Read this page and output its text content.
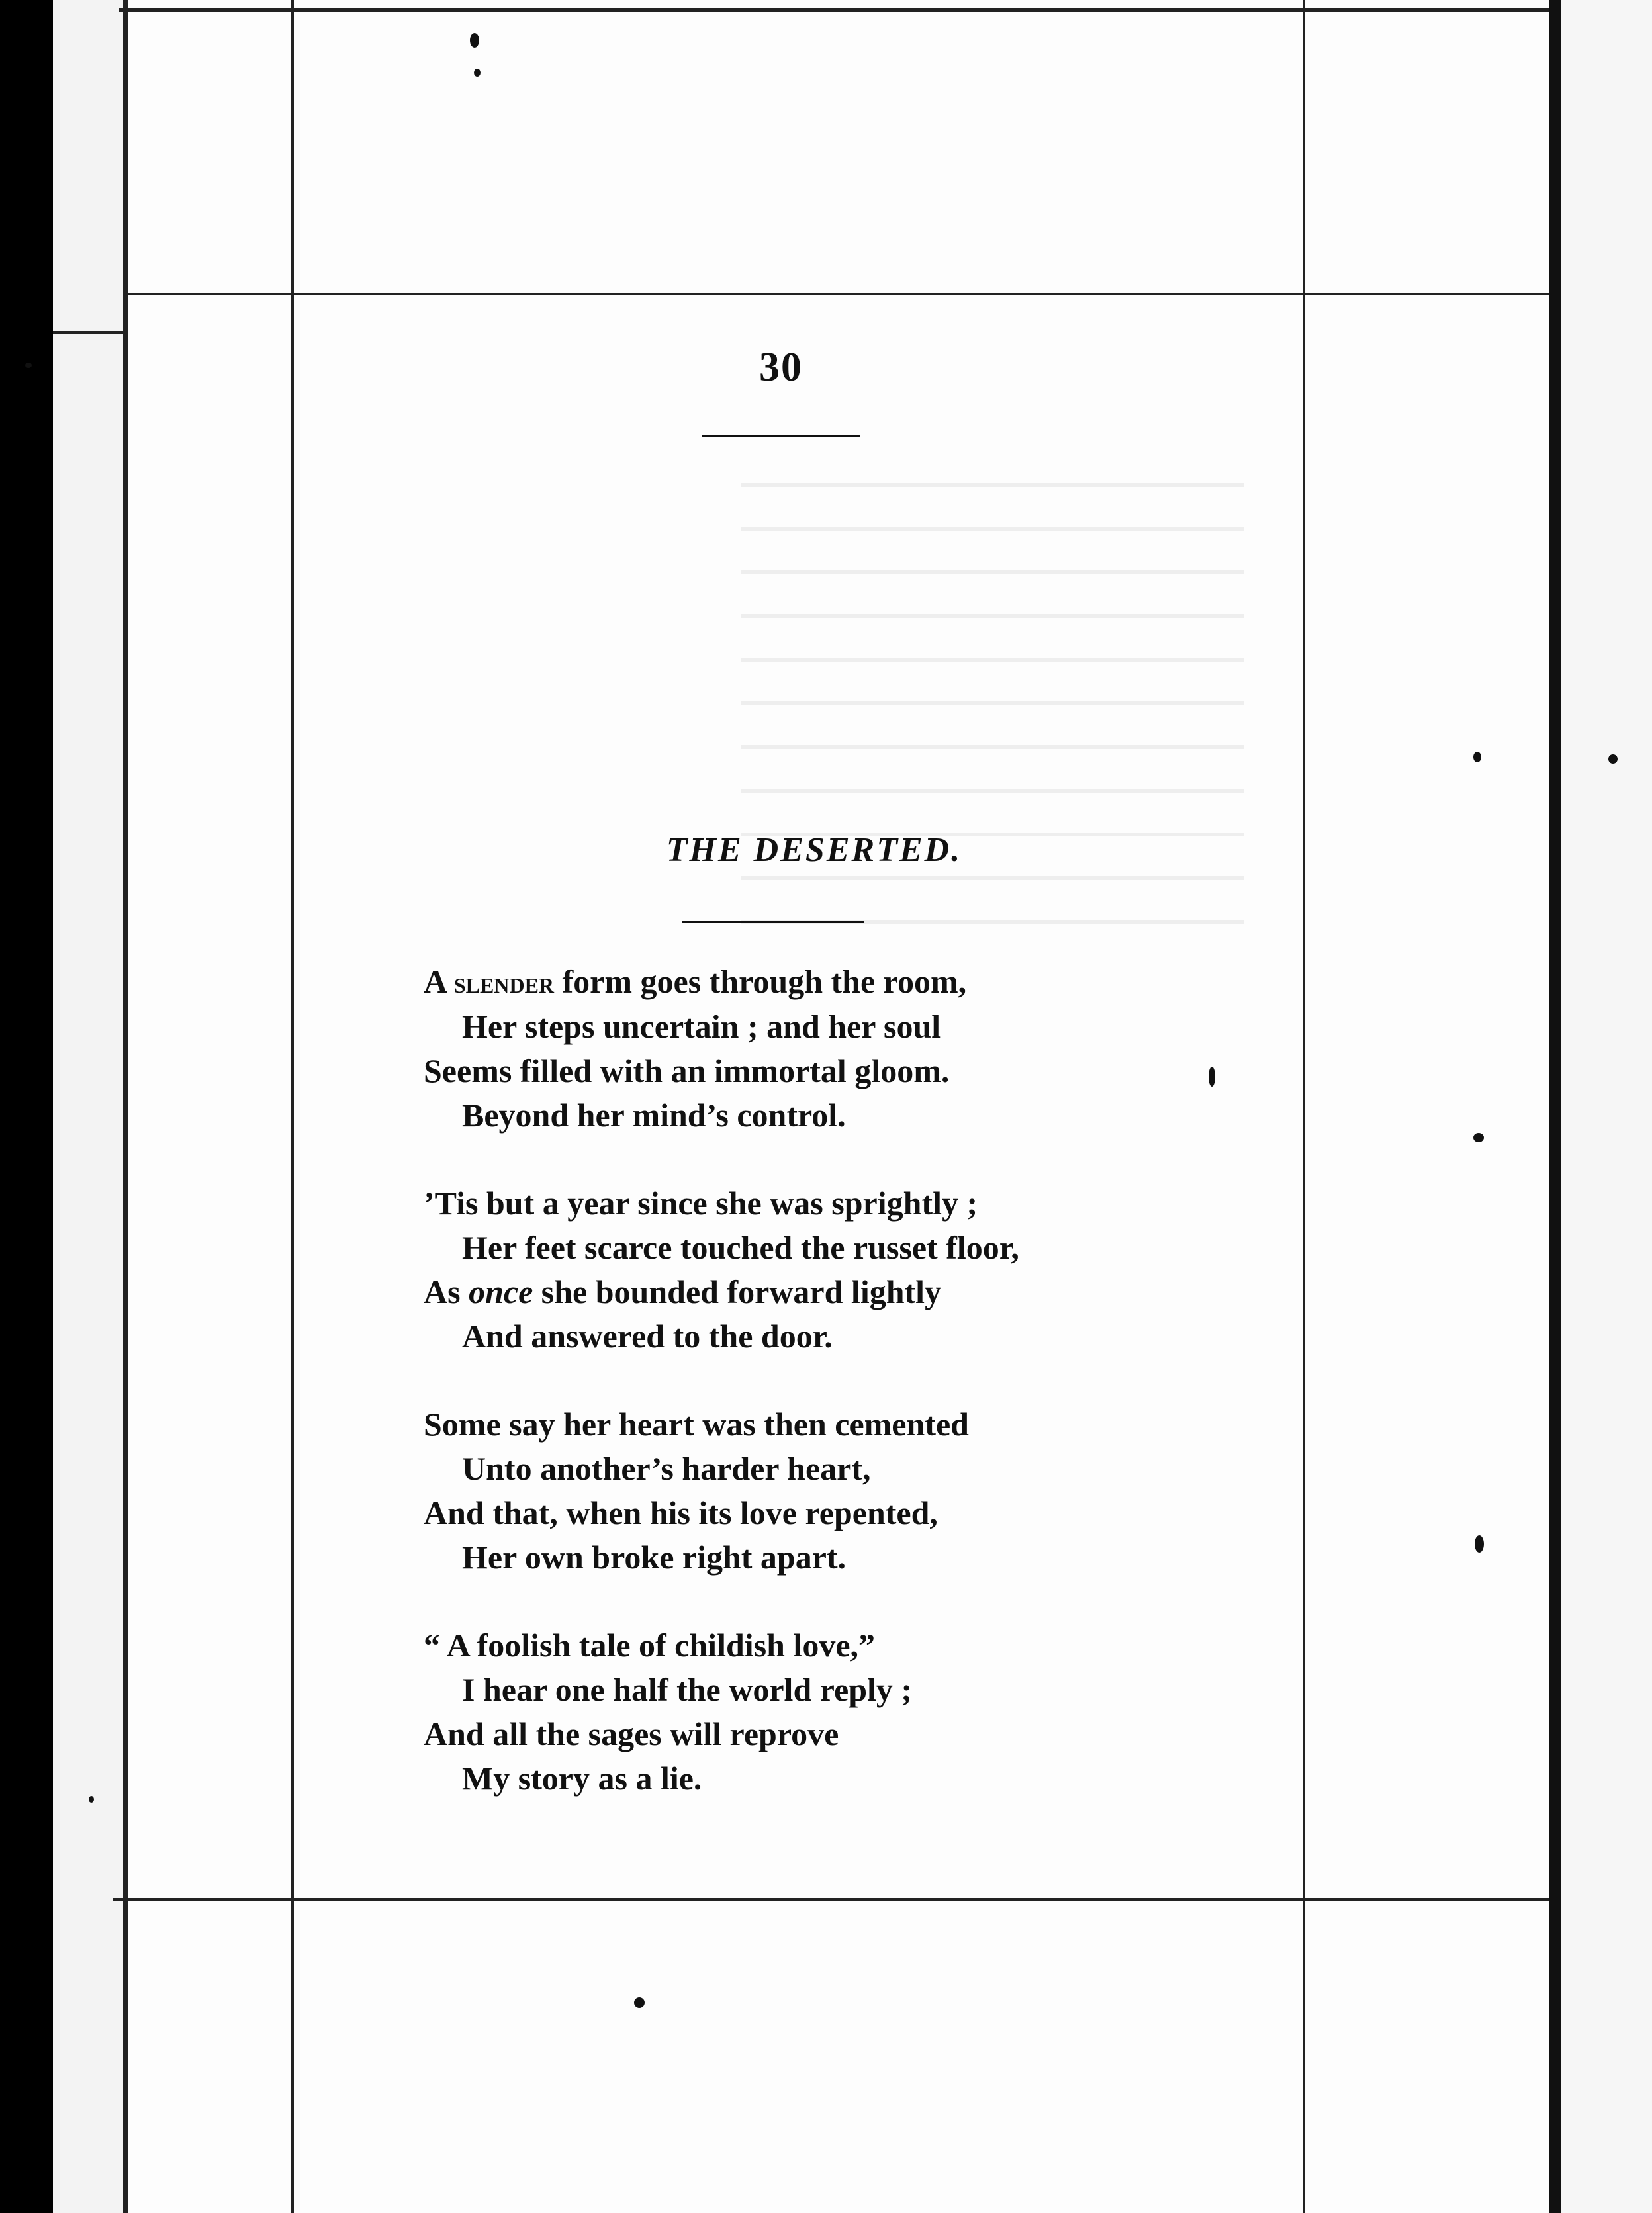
30
THE DESERTED.
A slender form goes through the room,
Her steps uncertain ; and her soul
Seems filled with an immortal gloom.
Beyond her mind’s control.
’Tis but a year since she was sprightly ;
Her feet scarce touched the russet floor,
As once she bounded forward lightly
And answered to the door.
Some say her heart was then cemented
Unto another’s harder heart,
And that, when his its love repented,
Her own broke right apart.
“ A foolish tale of childish love,”
I hear one half the world reply ;
And all the sages will reprove
My story as a lie.
